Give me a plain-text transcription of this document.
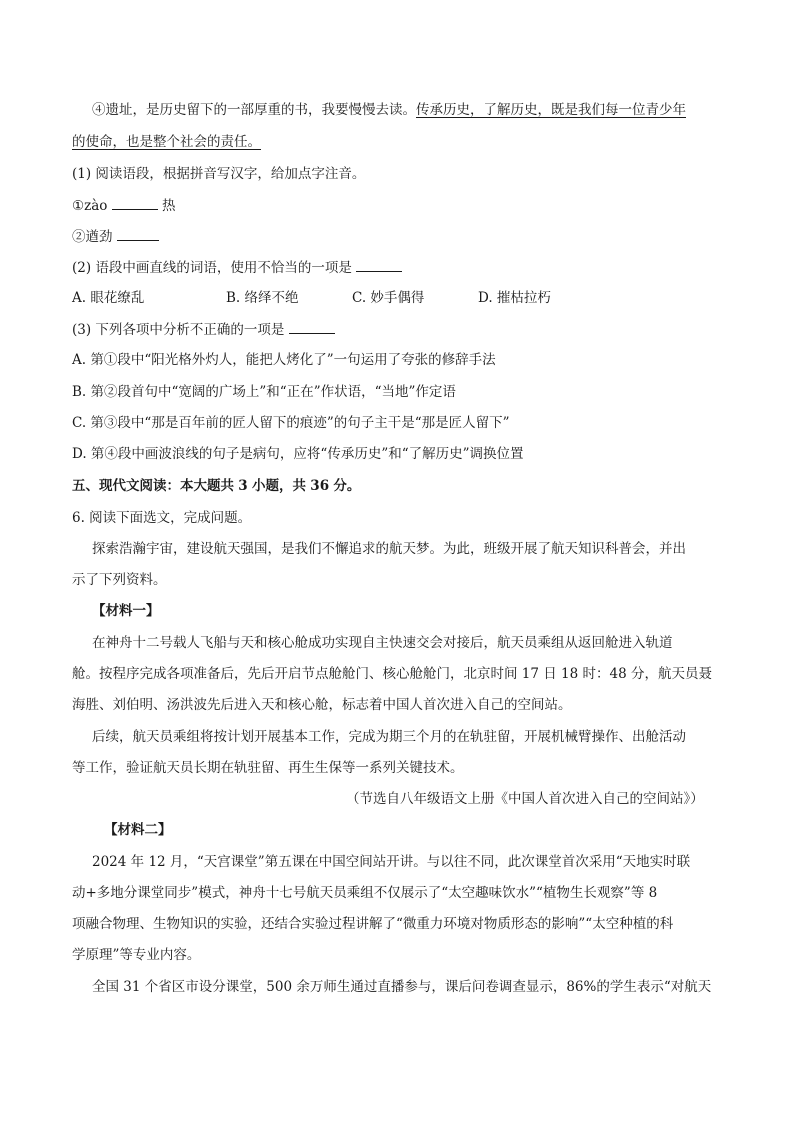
④遗址，是历史留下的一部厚重的书，我要慢慢去读。传承历史，了解历史，既是我们每一位青少年
的使命，也是整个社会的责任。
(1) 阅读语段，根据拼音写汉字，给加点字注音。
①zào	热
②遒劲
(2) 语段中画直线的词语，使用不恰当的一项是
A. 眼花缭乱	B. 络绎不绝	C. 妙手偶得	D. 摧枯拉朽
(3) 下列各项中分析不正确的一项是
A. 第①段中“阳光格外灼人，能把人烤化了”一句运用了夸张的修辞手法
B. 第②段首句中“宽阔的广场上”和“正在”作状语，“当地”作定语
C. 第③段中“那是百年前的匠人留下的痕迹”的句子主干是“那是匠人留下”
D. 第④段中画波浪线的句子是病句，应将“传承历史”和“了解历史”调换位置
五、现代文阅读：本大题共 3 小题，共 36 分。
6. 阅读下面选文，完成问题。
探索浩瀚宇宙，建设航天强国，是我们不懈追求的航天梦。为此，班级开展了航天知识科普会，并出
示了下列资料。
【材料一】
在神舟十二号载人飞船与天和核心舱成功实现自主快速交会对接后，航天员乘组从返回舱进入轨道
舱。按程序完成各项准备后，先后开启节点舱舱门、核心舱舱门，北京时间 17 日 18 时：48 分，航天员聂
海胜、刘伯明、汤洪波先后进入天和核心舱，标志着中国人首次进入自己的空间站。
后续，航天员乘组将按计划开展基本工作，完成为期三个月的在轨驻留，开展机械臂操作、出舱活动
等工作，验证航天员长期在轨驻留、再生生保等一系列关键技术。
（节选自八年级语文上册《中国人首次进入自己的空间站》）
【材料二】
2024 年 12 月，“天宫课堂”第五课在中国空间站开讲。与以往不同，此次课堂首次采用“天地实时联
动+多地分课堂同步”模式，神舟十七号航天员乘组不仅展示了“太空趣味饮水”“植物生长观察”等 8
项融合物理、生物知识的实验，还结合实验过程讲解了“微重力环境对物质形态的影响”“太空种植的科
学原理”等专业内容。
全国 31 个省区市设分课堂，500 余万师生通过直播参与，课后问卷调查显示，86%的学生表示“对航天
